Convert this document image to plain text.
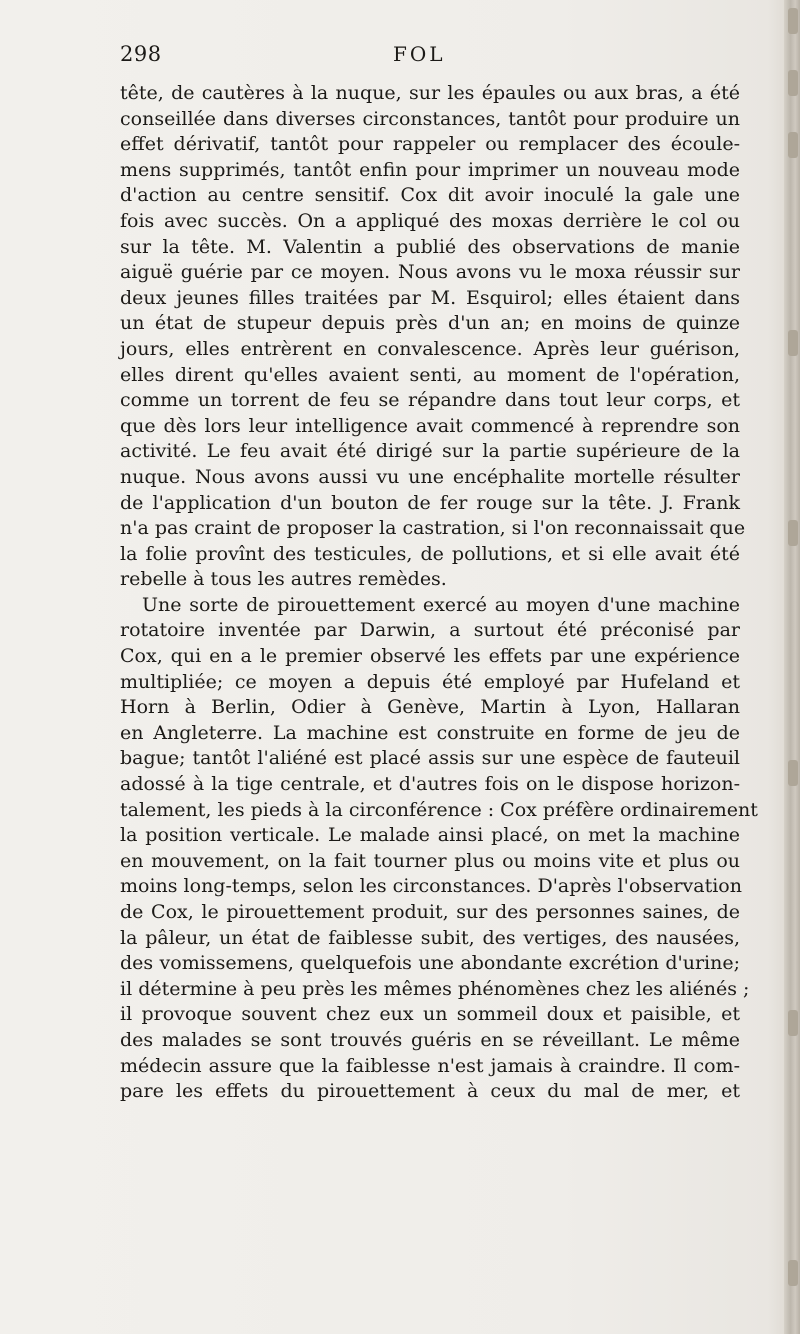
298	FOL
tête, de cautères à la nuque, sur les épaules ou aux bras, a été
conseillée dans diverses circonstances, tantôt pour produire un
effet dérivatif, tantôt pour rappeler ou remplacer des écoule-
mens supprimés, tantôt enfin pour imprimer un nouveau mode
d'action au centre sensitif. Cox dit avoir inoculé la gale une
fois avec succès. On a appliqué des moxas derrière le col ou
sur la tête. M. Valentin a publié des observations de manie
aiguë guérie par ce moyen. Nous avons vu le moxa réussir sur
deux jeunes filles traitées par M. Esquirol; elles étaient dans
un état de stupeur depuis près d'un an; en moins de quinze
jours, elles entrèrent en convalescence. Après leur guérison,
elles dirent qu'elles avaient senti, au moment de l'opération,
comme un torrent de feu se répandre dans tout leur corps, et
que dès lors leur intelligence avait commencé à reprendre son
activité. Le feu avait été dirigé sur la partie supérieure de la
nuque. Nous avons aussi vu une encéphalite mortelle résulter
de l'application d'un bouton de fer rouge sur la tête. J. Frank
n'a pas craint de proposer la castration, si l'on reconnaissait que
la folie provînt des testicules, de pollutions, et si elle avait été
rebelle à tous les autres remèdes.
Une sorte de pirouettement exercé au moyen d'une machine
rotatoire inventée par Darwin, a surtout été préconisé par
Cox, qui en a le premier observé les effets par une expérience
multipliée; ce moyen a depuis été employé par Hufeland et
Horn à Berlin, Odier à Genève, Martin à Lyon, Hallaran
en Angleterre. La machine est construite en forme de jeu de
bague; tantôt l'aliéné est placé assis sur une espèce de fauteuil
adossé à la tige centrale, et d'autres fois on le dispose horizon-
talement, les pieds à la circonférence : Cox préfère ordinairement
la position verticale. Le malade ainsi placé, on met la machine
en mouvement, on la fait tourner plus ou moins vite et plus ou
moins long-temps, selon les circonstances. D'après l'observation
de Cox, le pirouettement produit, sur des personnes saines, de
la pâleur, un état de faiblesse subit, des vertiges, des nausées,
des vomissemens, quelquefois une abondante excrétion d'urine;
il détermine à peu près les mêmes phénomènes chez les aliénés ;
il provoque souvent chez eux un sommeil doux et paisible, et
des malades se sont trouvés guéris en se réveillant. Le même
médecin assure que la faiblesse n'est jamais à craindre. Il com-
pare les effets du pirouettement à ceux du mal de mer, et
